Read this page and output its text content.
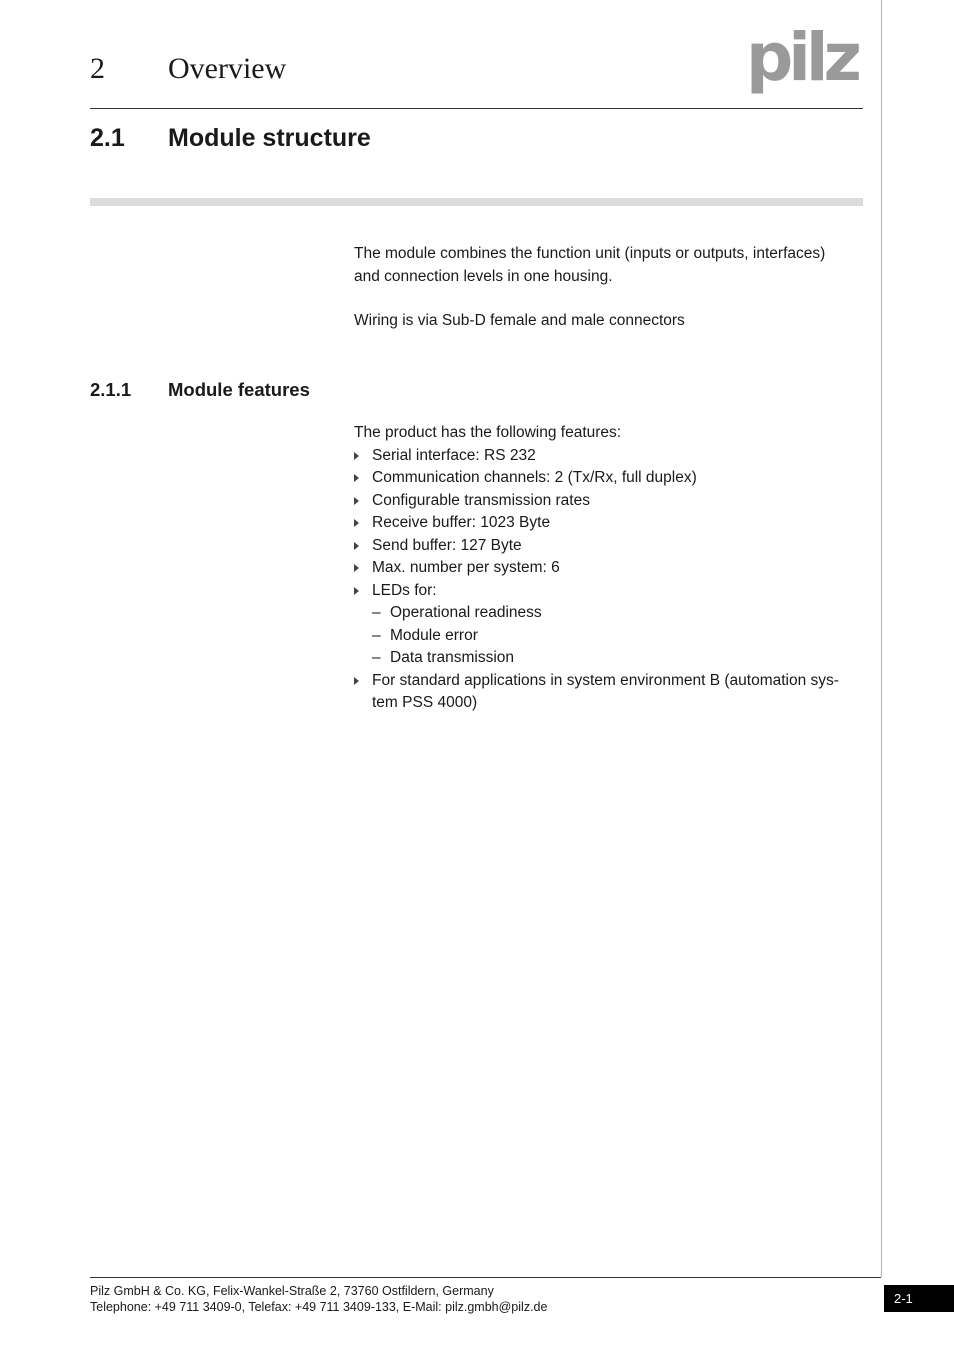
2 Overview	pilz
2.1 Module structure

The module combines the function unit (inputs or outputs, interfaces) and connection levels in one housing.

Wiring is via Sub-D female and male connectors

2.1.1 Module features
The product has the following features:
Serial interface: RS 232
Communication channels: 2 (Tx/Rx, full duplex)
Configurable transmission rates
Receive buffer: 1023 Byte
Send buffer: 127 Byte
Max. number per system: 6
LEDs for:
– Operational readiness
– Module error
– Data transmission
For standard applications in system environment B (automation sys-tem PSS 4000)
Pilz GmbH & Co. KG, Felix-Wankel-Straße 2, 73760 Ostfildern, Germany
Telephone: +49 711 3409-0, Telefax: +49 711 3409-133, E-Mail: pilz.gmbh@pilz.de
2-1
